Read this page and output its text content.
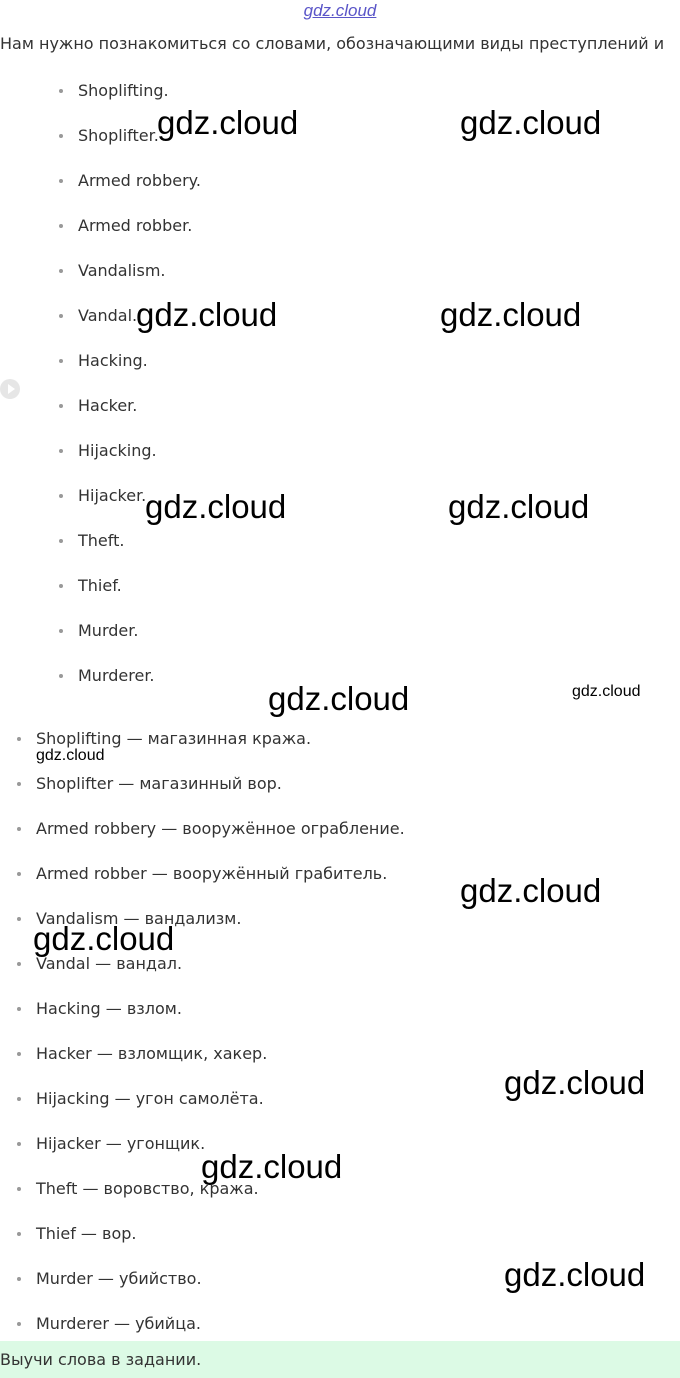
gdz.cloud
Нам нужно познакомиться со словами, обозначающими виды преступлений и
Shoplifting.
Shoplifter.
Armed robbery.
Armed robber.
Vandalism.
Vandal.
Hacking.
Hacker.
Hijacking.
Hijacker.
Theft.
Thief.
Murder.
Murderer.
Shoplifting — магазинная кража.
Shoplifter — магазинный вор.
Armed robbery — вооружённое ограбление.
Armed robber — вооружённый грабитель.
Vandalism — вандализм.
Vandal — вандал.
Hacking — взлом.
Hacker — взломщик, хакер.
Hijacking — угон самолёта.
Hijacker — угонщик.
Theft — воровство, кража.
Thief — вор.
Murder — убийство.
Murderer — убийца.
Выучи слова в задании.
gdz.cloud	gdz.cloud
gdz.cloud	gdz.cloud
gdz.cloud	gdz.cloud
gdz.cloud	gdz.cloud
gdz.cloud
gdz.cloud
gdz.cloud
gdz.cloud
gdz.cloud
gdz.cloud
